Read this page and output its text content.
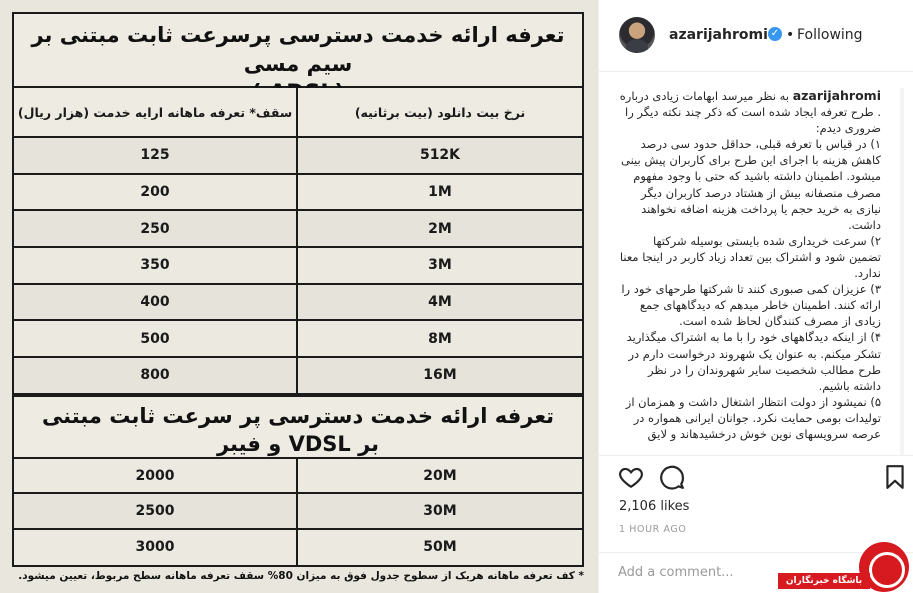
تعرفه ارائه خدمت دسترسی پرسرعت ثابت مبتنی بر سیم مسی
سقف* تعرفه ماهانه ارایه خدمت (هزار ریال)	نرخ بیت دانلود (بیت برثانیه)
125	512K
200	1M
250	2M
350	3M
400	4M
500	8M
800	16M
تعرفه ارائه خدمت دسترسی پر سرعت ثابت مبتنی بر VDSL و فیبر
2000	20M
2500	30M
3000	50M
* کف تعرفه ماهانه هریک از سطوح جدول فوق به میزان 80% سقف تعرفه ماهانه سطح مربوط، تعیین میشود.
azarijahromi ✓ • Following
azarijahromi به نظر میرسد ابهامات زیادی درباره . طرح تعرفه ایجاد شده است که ذکر چند نکته دیگر را ضروری دیدم:
۱) در قیاس با تعرفه قبلی، حداقل حدود سی درصد کاهش هزینه با اجرای این طرح برای کاربران پیش بینی میشود. اطمینان داشته باشید که حتی با وجود مفهوم مصرف منصفانه بیش از هشتاد درصد کاربران دیگر نیازی به خرید حجم یا پرداخت هزینه اضافه نخواهند داشت.
۲) سرعت خریداری شده بایستی بوسیله شرکتها تضمین شود و اشتراک بین تعداد زیاد کاربر در اینجا معنا ندارد.
۳) عزیزان کمی صبوری کنند تا شرکتها طرحهای خود را ارائه کنند. اطمینان خاطر میدهم که دیدگاههای جمع زیادی از مصرف کنندگان لحاظ شده است.
۴) از اینکه دیدگاههای خود را با ما به اشتراک میگذارید تشکر میکنم. به عنوان یک شهروند درخواست دارم در طرح مطالب شخصیت سایر شهروندان را در نظر داشته باشیم.
۵) نمیشود از دولت انتظار اشتغال داشت و همزمان از تولیدات بومی حمایت نکرد. جوانان ایرانی همواره در عرصه سرویسهای نوین خوش درخشیدهاند و لایق
2,106 likes
1 HOUR AGO
Add a comment...
باشگاه خبرنگاران
